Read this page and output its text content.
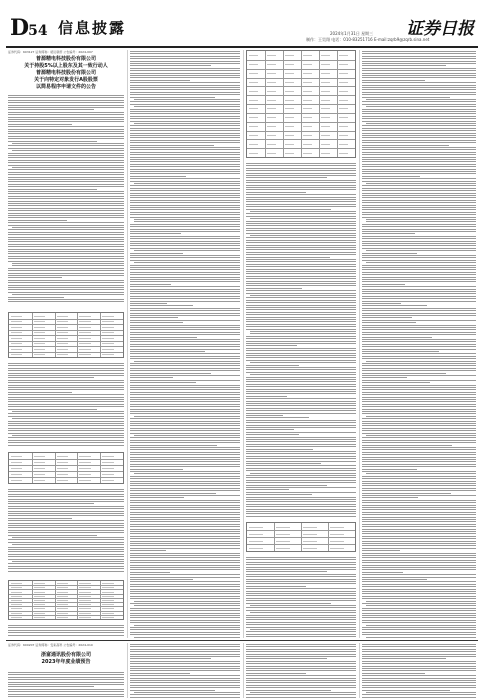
D54 信息披露	2024年1月31日 星期三
制作：王昊翔 电话：010-83251716 E-mail:zqrb9@zqrb.sina.net
证券日报
证券代码：603127 证券简称：昭衍新药 公告编号：2024-007
普源精电科技股份有限公司
关于持股5%以上股东及其一致行动人
普源精电科技股份有限公司
关于向特定对象发行A股股票
以简易程序申请文件的公告
证券代码：600207 证券简称：安彩高科 公告编号：2024-010
浙富通讯股份有限公司
2023年年度业绩预告
